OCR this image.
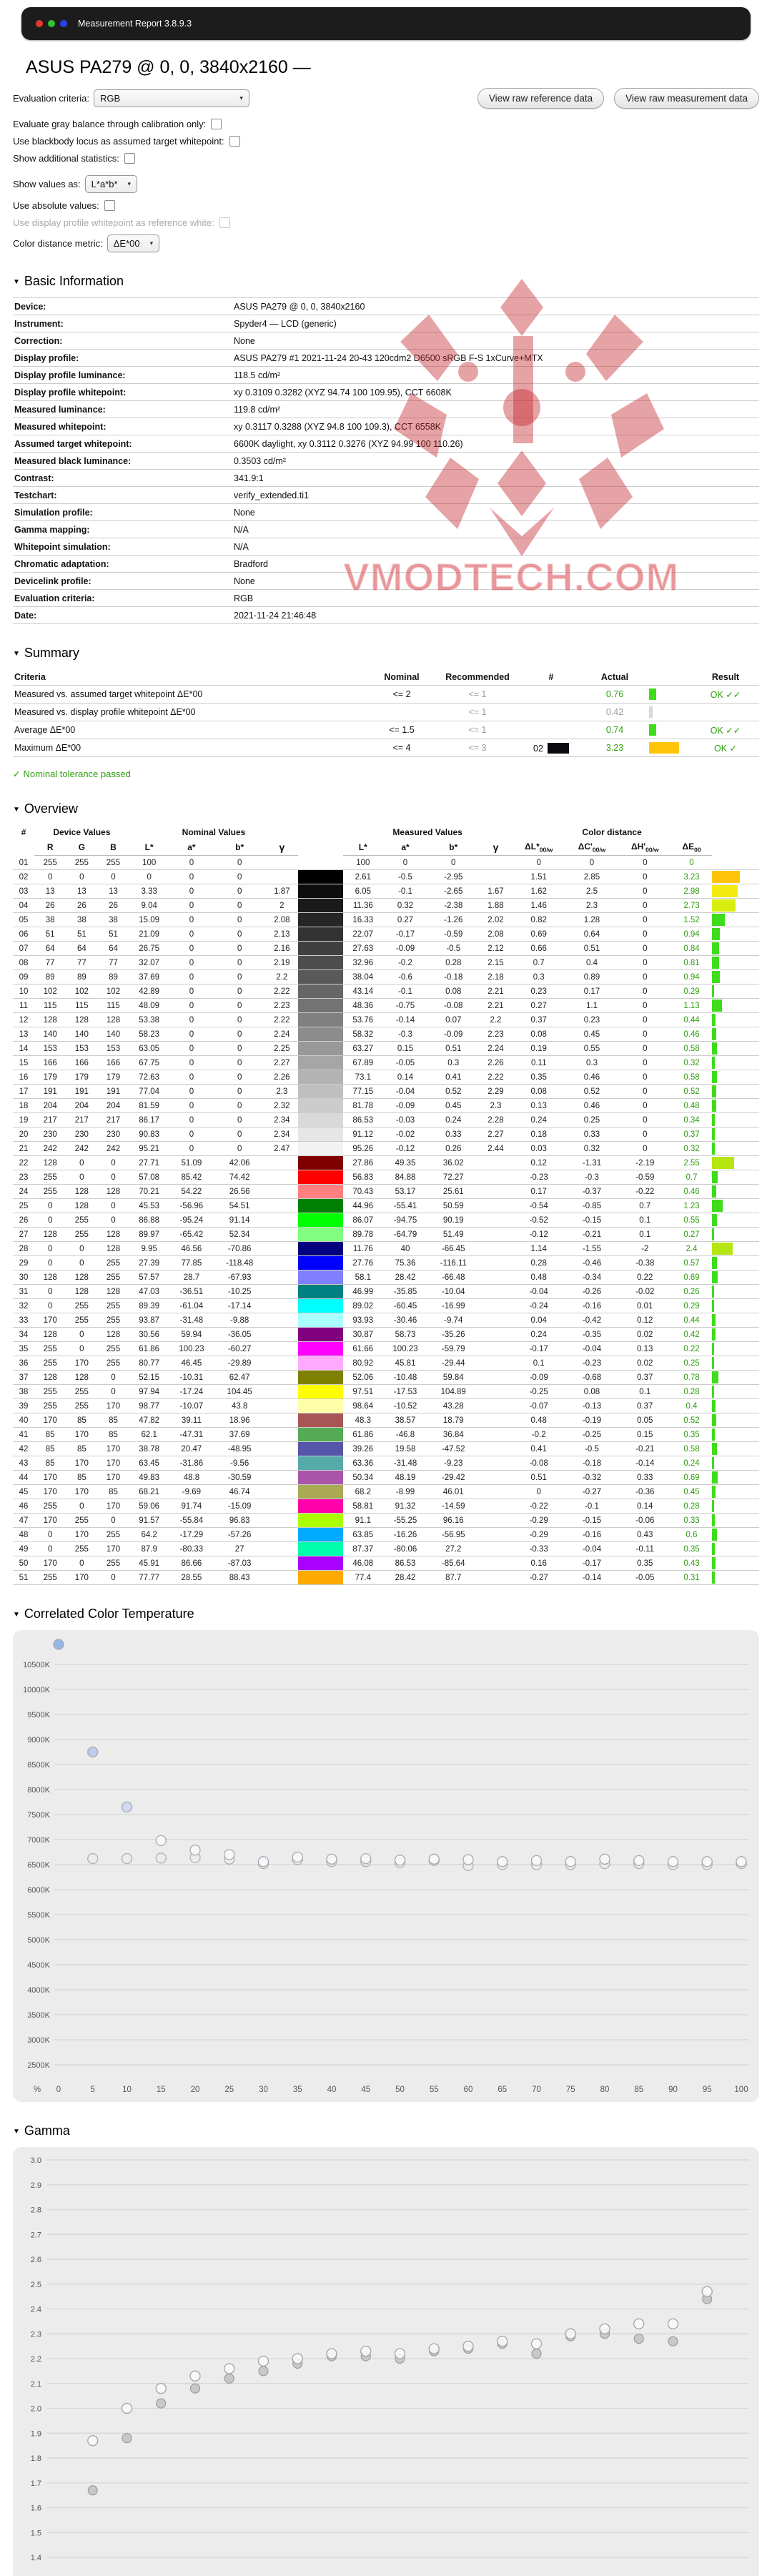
Measurement Report 3.8.9.3
ASUS PA279 @ 0, 0, 3840x2160 —
Evaluation criteria: RGB	▾	View raw reference data	View raw measurement data
Evaluate gray balance through calibration only:
Use blackbody locus as assumed target whitepoint:
Show additional statistics:
Show values as: L*a*b* ▾
Use absolute values:
Use display profile whitepoint as reference white:
Color distance metric: ΔE*00 ▾
▼ Basic Information
Device:	ASUS PA279 @ 0, 0, 3840x2160
Instrument:	Spyder4 — LCD (generic)
Correction:	None
Display profile:	ASUS PA279 #1 2021-11-24 20-43 120cdm2 D6500 sRGB F-S 1xCurve+MTX
Display profile luminance:	118.5 cd/m²
Display profile whitepoint:	xy 0.3109 0.3282 (XYZ 94.74 100 109.95), CCT 6608K
Measured luminance:	119.8 cd/m²
Measured whitepoint:	xy 0.3117 0.3288 (XYZ 94.8 100 109.3), CCT 6558K
Assumed target whitepoint:	6600K daylight, xy 0.3112 0.3276 (XYZ 94.99 100 110.26)
Measured black luminance:	0.3503 cd/m²
Contrast:	341.9:1
Testchart:	verify_extended.ti1
Simulation profile:	None
Gamma mapping:	N/A
Whitepoint simulation:	N/A
Chromatic adaptation:	Bradford
Devicelink profile:	None
Evaluation criteria:	RGB
Date:	2021-11-24 21:46:48
▼ Summary
Criteria	Nominal	Recommended	#	Actual		Result
Measured vs. assumed target whitepoint ΔE*00	<= 2	<= 1		0.76		OK ✓✓
Measured vs. display profile whitepoint ΔE*00		<= 1		0.42	

Average ΔE*00	<= 1.5	<= 1		0.74		OK ✓✓
Maximum ΔE*00	<= 4	<= 3	02	3.23		OK ✓
✓ Nominal tolerance passed
▼ Overview
#	Device Values			Nominal Values					Measured Values				Color distance				
	R	G	B	L*	a*	b*	γ		L*	a*	b*	γ	$\Delta L*_{00/w}$	$\Delta C'_{00/w}$	$\Delta H'_{00/w}$	$\Delta E_{00}$
01	255	255	255	100	0	0			100	0	0		0	0	0	0	
02	0	0	0	0	0	0			2.61	-0.5	-2.95		1.51	2.85	0	3.23	

03	13	13	13	3.33	0	0	1.87		6.05	-0.1	-2.65	1.67	1.62	2.5	0	2.98	

04	26	26	26	9.04	0	0	2		11.36	0.32	-2.38	1.88	1.46	2.3	0	2.73	

05	38	38	38	15.09	0	0	2.08		16.33	0.27	-1.26	2.02	0.82	1.28	0	1.52	

06	51	51	51	21.09	0	0	2.13		22.07	-0.17	-0.59	2.08	0.69	0.64	0	0.94	

07	64	64	64	26.75	0	0	2.16		27.63	-0.09	-0.5	2.12	0.66	0.51	0	0.84	

08	77	77	77	32.07	0	0	2.19		32.96	-0.2	0.28	2.15	0.7	0.4	0	0.81	

09	89	89	89	37.69	0	0	2.2		38.04	-0.6	-0.18	2.18	0.3	0.89	0	0.94	

10	102	102	102	42.89	0	0	2.22		43.14	-0.1	0.08	2.21	0.23	0.17	0	0.29	

11	115	115	115	48.09	0	0	2.23		48.36	-0.75	-0.08	2.21	0.27	1.1	0	1.13	

12	128	128	128	53.38	0	0	2.22		53.76	-0.14	0.07	2.2	0.37	0.23	0	0.44	

13	140	140	140	58.23	0	0	2.24		58.32	-0.3	-0.09	2.23	0.08	0.45	0	0.46	

14	153	153	153	63.05	0	0	2.25		63.27	0.15	0.51	2.24	0.19	0.55	0	0.58	

15	166	166	166	67.75	0	0	2.27		67.89	-0.05	0.3	2.26	0.11	0.3	0	0.32	

16	179	179	179	72.63	0	0	2.26		73.1	0.14	0.41	2.22	0.35	0.46	0	0.58	

17	191	191	191	77.04	0	0	2.3		77.15	-0.04	0.52	2.29	0.08	0.52	0	0.52	

18	204	204	204	81.59	0	0	2.32		81.78	-0.09	0.45	2.3	0.13	0.46	0	0.48	

19	217	217	217	86.17	0	0	2.34		86.53	-0.03	0.24	2.28	0.24	0.25	0	0.34	

20	230	230	230	90.83	0	0	2.34		91.12	-0.02	0.33	2.27	0.18	0.33	0	0.37	

21	242	242	242	95.21	0	0	2.47		95.26	-0.12	0.26	2.44	0.03	0.32	0	0.32	

22	128	0	0	27.71	51.09	42.06			27.86	49.35	36.02		0.12	-1.31	-2.19	2.55	

23	255	0	0	57.08	85.42	74.42			56.83	84.88	72.27		-0.23	-0.3	-0.59	0.7	

24	255	128	128	70.21	54.22	26.56			70.43	53.17	25.61		0.17	-0.37	-0.22	0.46	

25	0	128	0	45.53	-56.96	54.51			44.96	-55.41	50.59		-0.54	-0.85	0.7	1.23	

26	0	255	0	86.88	-95.24	91.14			86.07	-94.75	90.19		-0.52	-0.15	0.1	0.55	

27	128	255	128	89.97	-65.42	52.34			89.78	-64.79	51.49		-0.12	-0.21	0.1	0.27	

28	0	0	128	9.95	46.56	-70.86			11.76	40	-66.45		1.14	-1.55	-2	2.4	

29	0	0	255	27.39	77.85	-118.48			27.76	75.36	-116.11		0.28	-0.46	-0.38	0.57	

30	128	128	255	57.57	28.7	-67.93			58.1	28.42	-66.48		0.48	-0.34	0.22	0.69	

31	0	128	128	47.03	-36.51	-10.25			46.99	-35.85	-10.04		-0.04	-0.26	-0.02	0.26	

32	0	255	255	89.39	-61.04	-17.14			89.02	-60.45	-16.99		-0.24	-0.16	0.01	0.29	

33	170	255	255	93.87	-31.48	-9.88			93.93	-30.46	-9.74		0.04	-0.42	0.12	0.44	

34	128	0	128	30.56	59.94	-36.05			30.87	58.73	-35.26		0.24	-0.35	0.02	0.42	

35	255	0	255	61.86	100.23	-60.27			61.66	100.23	-59.79		-0.17	-0.04	0.13	0.22	

36	255	170	255	80.77	46.45	-29.89			80.92	45.81	-29.44		0.1	-0.23	0.02	0.25	

37	128	128	0	52.15	-10.31	62.47			52.06	-10.48	59.84		-0.09	-0.68	0.37	0.78	

38	255	255	0	97.94	-17.24	104.45			97.51	-17.53	104.89		-0.25	0.08	0.1	0.28	

39	255	255	170	98.77	-10.07	43.8			98.64	-10.52	43.28		-0.07	-0.13	0.37	0.4	

40	170	85	85	47.82	39.11	18.96			48.3	38.57	18.79		0.48	-0.19	0.05	0.52	

41	85	170	85	62.1	-47.31	37.69			61.86	-46.8	36.84		-0.2	-0.25	0.15	0.35	

42	85	85	170	38.78	20.47	-48.95			39.26	19.58	-47.52		0.41	-0.5	-0.21	0.58	

43	85	170	170	63.45	-31.86	-9.56			63.36	-31.48	-9.23		-0.08	-0.18	-0.14	0.24	

44	170	85	170	49.83	48.8	-30.59			50.34	48.19	-29.42		0.51	-0.32	0.33	0.69	

45	170	170	85	68.21	-9.69	46.74			68.2	-8.99	46.01		0	-0.27	-0.36	0.45	

46	255	0	170	59.06	91.74	-15.09			58.81	91.32	-14.59		-0.22	-0.1	0.14	0.28	

47	170	255	0	91.57	-55.84	96.83			91.1	-55.25	96.16		-0.29	-0.15	-0.06	0.33	

48	0	170	255	64.2	-17.29	-57.26			63.85	-16.26	-56.95		-0.29	-0.16	0.43	0.6	

49	0	255	170	87.9	-80.33	27			87.37	-80.06	27.2		-0.33	-0.04	-0.11	0.35	

50	170	0	255	45.91	86.66	-87.03			46.08	86.53	-85.64		0.16	-0.17	0.35	0.43	

51	255	170	0	77.77	28.55	88.43			77.4	28.42	87.7		-0.27	-0.14	-0.05	0.31	
▼ Correlated Color Temperature
2500K
3000K
3500K
4000K
4500K
5000K
5500K
6000K
6500K
7000K
7500K
8000K
8500K
9000K
9500K
10000K
10500K
% 0	5	10	15	20	25	30	35	40	45	50	55	60	65	70	75	80	85	90	95	100
▼ Gamma
1.4
1.5
1.6
1.7
1.8
1.9
2.0
2.1
2.2
2.3
2.4
2.5
2.6
2.7
2.8
2.9
3.0
VMODTECH.COM
